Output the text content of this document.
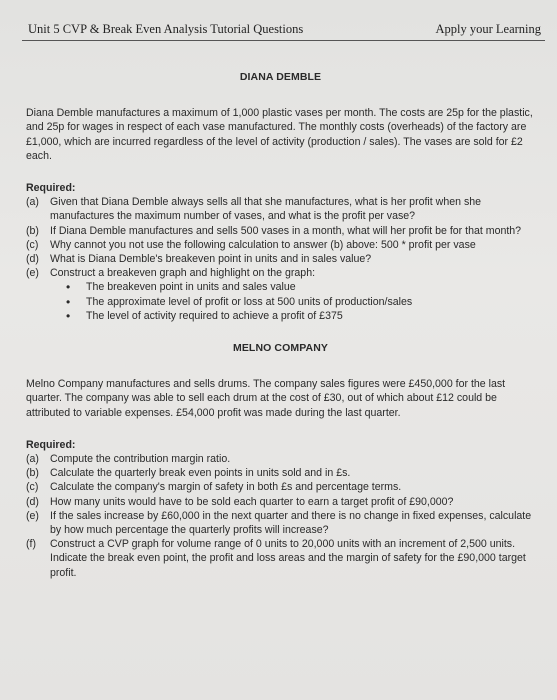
Unit 5 CVP & Break Even Analysis Tutorial Questions	Apply your Learning
DIANA DEMBLE

Diana Demble manufactures a maximum of 1,000 plastic vases per month. The costs are 25p for the plastic, and 25p for wages in respect of each vase manufactured. The monthly costs (overheads) of the factory are £1,000, which are incurred regardless of the level of activity (production / sales). The vases are sold for £2 each.

Required:

(a) Given that Diana Demble always sells all that she manufactures, what is her profit when she manufactures the maximum number of vases, and what is the profit per vase?
(b) If Diana Demble manufactures and sells 500 vases in a month, what will her profit be for that month?
(c) Why cannot you not use the following calculation to answer (b) above: 500 * profit per vase
(d) What is Diana Demble's breakeven point in units and in sales value?
(e) Construct a breakeven graph and highlight on the graph:
• The breakeven point in units and sales value
• The approximate level of profit or loss at 500 units of production/sales
• The level of activity required to achieve a profit of £375
MELNO COMPANY

Melno Company manufactures and sells drums. The company sales figures were £450,000 for the last quarter. The company was able to sell each drum at the cost of £30, out of which about £12 could be attributed to variable expenses. £54,000 profit was made during the last quarter.

Required:

(a) Compute the contribution margin ratio.
(b) Calculate the quarterly break even points in units sold and in £s.
(c) Calculate the company's margin of safety in both £s and percentage terms.
(d) How many units would have to be sold each quarter to earn a target profit of £90,000?
(e) If the sales increase by £60,000 in the next quarter and there is no change in fixed expenses, calculate by how much percentage the quarterly profits will increase?
(f) Construct a CVP graph for volume range of 0 units to 20,000 units with an increment of 2,500 units. Indicate the break even point, the profit and loss areas and the margin of safety for the £90,000 target profit.
